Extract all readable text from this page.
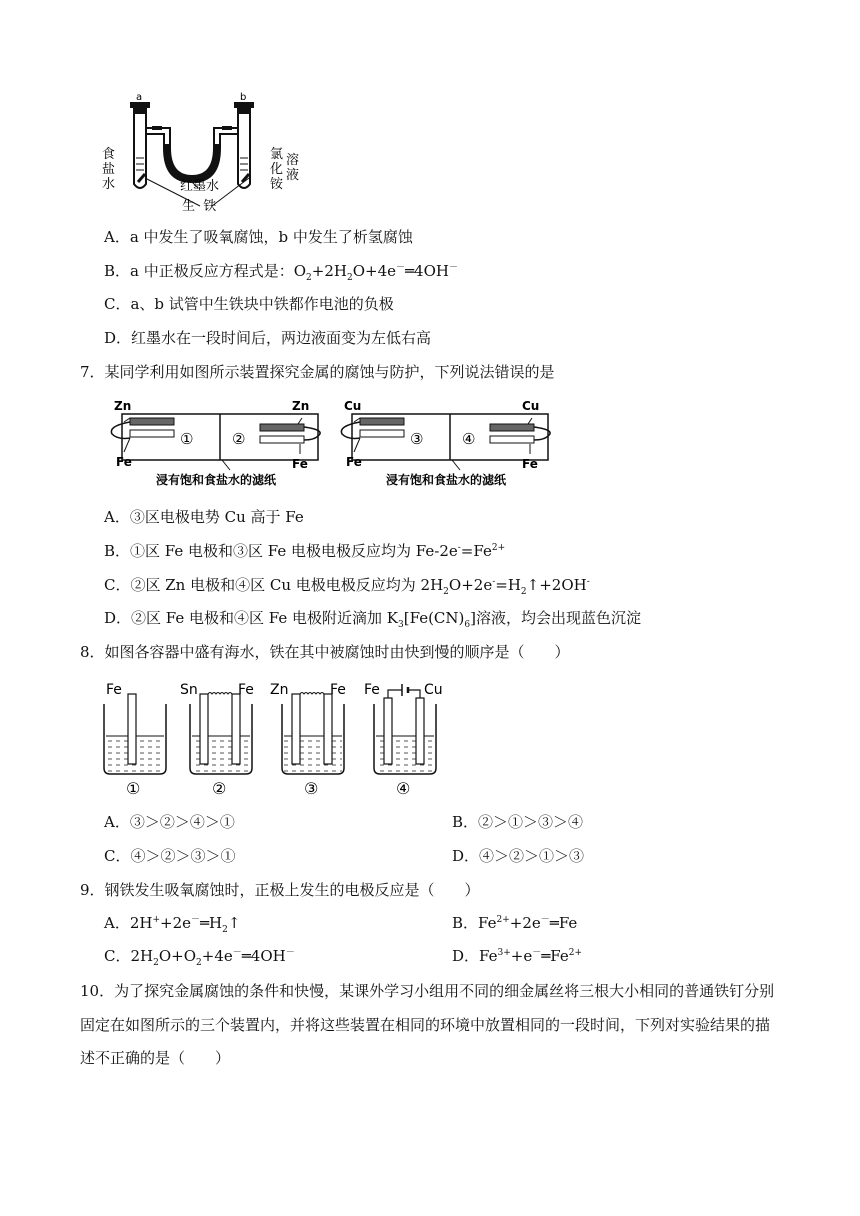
a	b
食
盐
水
氯
化
铵
溶
液
红墨水
生  铁
A．a 中发生了吸氧腐蚀，b 中发生了析氢腐蚀
B．a 中正极反应方程式是：$O_2+2H_2O+4e^-═4OH^-$
C．a、b 试管中生铁块中铁都作电池的负极
D．红墨水在一段时间后，两边液面变为左低右高
7．某同学利用如图所示装置探究金属的腐蚀与防护，下列说法错误的是
Zn	Zn
Fe	Fe
①	②
浸有饱和食盐水的滤纸
Cu	Cu
Fe	Fe
③	④
浸有饱和食盐水的滤纸
A．③区电极电势 Cu 高于 Fe
B．①区 Fe 电极和③区 Fe 电极电极反应均为 $Fe-2e^-=Fe^{2+}$
C．②区 Zn 电极和④区 Cu 电极电极反应均为 $2H_2O+2e^-=H_2↑+2OH^-$
D．②区 Fe 电极和④区 Fe 电极附近滴加 $K_3[Fe(CN)_6]$溶液，均会出现蓝色沉淀
8．如图各容器中盛有海水，铁在其中被腐蚀时由快到慢的顺序是（　　）
Fe
①
Sn	Fe
②
Zn	Fe
③
Fe	Cu
④
A．③＞②＞④＞①	B．②＞①＞③＞④
C．④＞②＞③＞①	D．④＞②＞①＞③
9．钢铁发生吸氧腐蚀时，正极上发生的电极反应是（　　）
A．$2H^++2e^-═H_2↑$	B．$Fe^{2+}+2e^-═Fe$
C．$2H_2O+O_2+4e^-═4OH^-$	D．$Fe^{3+}+e^-═Fe^{2+}$
10．为了探究金属腐蚀的条件和快慢，某课外学习小组用不同的细金属丝将三根大小相同的普通铁钉分别
固定在如图所示的三个装置内，并将这些装置在相同的环境中放置相同的一段时间，下列对实验结果的描
述不正确的是（　　）
